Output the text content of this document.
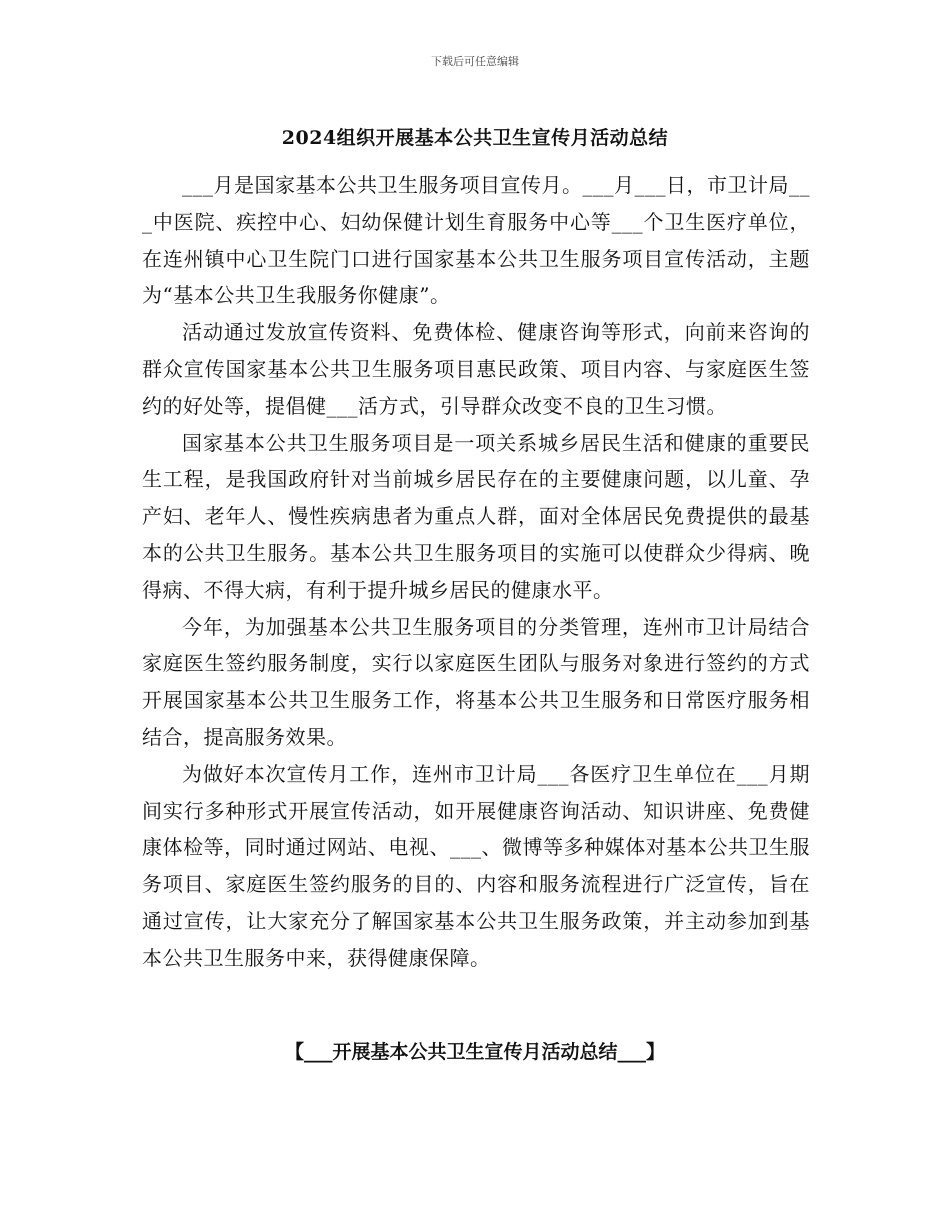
下载后可任意编辑
2024组织开展基本公共卫生宣传月活动总结

___月是国家基本公共卫生服务项目宣传月。___月___日，市卫计局___中医院、疾控中心、妇幼保健计划生育服务中心等___个卫生医疗单位，在连州镇中心卫生院门口进行国家基本公共卫生服务项目宣传活动，主题为“基本公共卫生我服务你健康”。

活动通过发放宣传资料、免费体检、健康咨询等形式，向前来咨询的群众宣传国家基本公共卫生服务项目惠民政策、项目内容、与家庭医生签约的好处等，提倡健___活方式，引导群众改变不良的卫生习惯。

国家基本公共卫生服务项目是一项关系城乡居民生活和健康的重要民生工程，是我国政府针对当前城乡居民存在的主要健康问题，以儿童、孕产妇、老年人、慢性疾病患者为重点人群，面对全体居民免费提供的最基本的公共卫生服务。基本公共卫生服务项目的实施可以使群众少得病、晚得病、不得大病，有利于提升城乡居民的健康水平。

今年，为加强基本公共卫生服务项目的分类管理，连州市卫计局结合家庭医生签约服务制度，实行以家庭医生团队与服务对象进行签约的方式开展国家基本公共卫生服务工作，将基本公共卫生服务和日常医疗服务相结合，提高服务效果。

为做好本次宣传月工作，连州市卫计局___各医疗卫生单位在___月期间实行多种形式开展宣传活动，如开展健康咨询活动、知识讲座、免费健康体检等，同时通过网站、电视、___、微博等多种媒体对基本公共卫生服务项目、家庭医生签约服务的目的、内容和服务流程进行广泛宣传，旨在通过宣传，让大家充分了解国家基本公共卫生服务政策，并主动参加到基本公共卫生服务中来，获得健康保障。

【___开展基本公共卫生宣传月活动总结___】
